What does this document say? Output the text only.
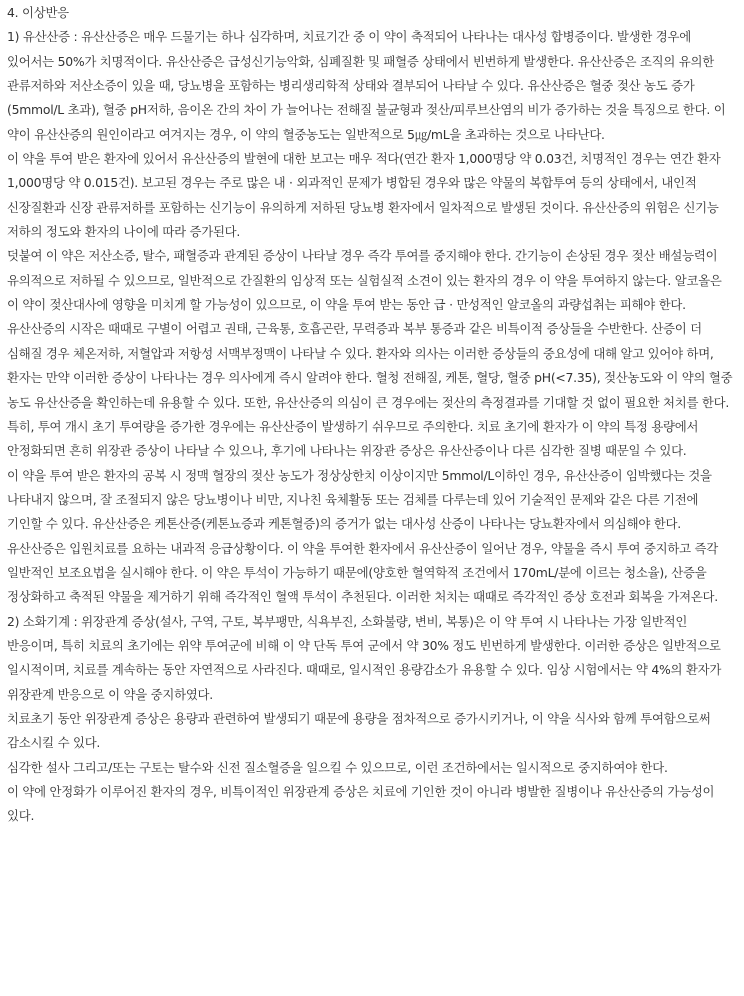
4. 이상반응

1) 유산산증 : 유산산증은 매우 드물기는 하나 심각하며, 치료기간 중 이 약이 축적되어 나타나는 대사성 합병증이다. 발생한 경우에 있어서는 50%가 치명적이다. 유산산증은 급성신기능악화, 심폐질환 및 패혈증 상태에서 빈번하게 발생한다. 유산산증은 조직의 유의한 관류저하와 저산소증이 있을 때, 당뇨병을 포함하는 병리생리학적 상태와 결부되어 나타날 수 있다. 유산산증은 혈중 젖산 농도 증가(5mmol/L 초과), 혈중 pH저하, 음이온 간의 차이 가 늘어나는 전해질 불균형과 젖산/피루브산염의 비가 증가하는 것을 특징으로 한다. 이 약이 유산산증의 원인이라고 여겨지는 경우, 이 약의 혈중농도는 일반적으로 5㎍/mL을 초과하는 것으로 나타난다.

이 약을 투여 받은 환자에 있어서 유산산증의 발현에 대한 보고는 매우 적다(연간 환자 1,000명당 약 0.03건, 치명적인 경우는 연간 환자 1,000명당 약 0.015건). 보고된 경우는 주로 많은 내 · 외과적인 문제가 병합된 경우와 많은 약물의 복합투여 등의 상태에서, 내인적 신장질환과 신장 관류저하를 포함하는 신기능이 유의하게 저하된 당뇨병 환자에서 일차적으로 발생된 것이다. 유산산증의 위험은 신기능 저하의 정도와 환자의 나이에 따라 증가된다.

덧붙여 이 약은 저산소증, 탈수, 패혈증과 관계된 증상이 나타날 경우 즉각 투여를 중지해야 한다. 간기능이 손상된 경우 젖산 배설능력이 유의적으로 저하될 수 있으므로, 일반적으로 간질환의 임상적 또는 실험실적 소견이 있는 환자의 경우 이 약을 투여하지 않는다. 알코올은 이 약이 젖산대사에 영향을 미치게 할 가능성이 있으므로, 이 약을 투여 받는 동안 급 · 만성적인 알코올의 과량섭취는 피해야 한다.

유산산증의 시작은 때때로 구별이 어렵고 권태, 근육통, 호흡곤란, 무력증과 복부 통증과 같은 비특이적 증상들을 수반한다. 산증이 더 심해질 경우 체온저하, 저혈압과 저항성 서맥부정맥이 나타날 수 있다. 환자와 의사는 이러한 증상들의 중요성에 대해 알고 있어야 하며, 환자는 만약 이러한 증상이 나타나는 경우 의사에게 즉시 알려야 한다. 혈청 전해질, 케톤, 혈당, 혈중 pH(<7.35), 젖산농도와 이 약의 혈중 농도 유산산증을 확인하는데 유용할 수 있다. 또한, 유산산증의 의심이 큰 경우에는 젖산의 측정결과를 기대할 것 없이 필요한 처치를 한다. 특히, 투여 개시 초기 투여량을 증가한 경우에는 유산산증이 발생하기 쉬우므로 주의한다. 치료 초기에 환자가 이 약의 특정 용량에서 안정화되면 흔히 위장관 증상이 나타날 수 있으나, 후기에 나타나는 위장관 증상은 유산산증이나 다른 심각한 질병 때문일 수 있다.

이 약을 투여 받은 환자의 공복 시 정맥 혈장의 젖산 농도가 정상상한치 이상이지만 5mmol/L이하인 경우, 유산산증이 임박했다는 것을 나타내지 않으며, 잘 조절되지 않은 당뇨병이나 비만, 지나친 육체활동 또는 검체를 다루는데 있어 기술적인 문제와 같은 다른 기전에 기인할 수 있다. 유산산증은 케톤산증(케톤뇨증과 케톤혈증)의 증거가 없는 대사성 산증이 나타나는 당뇨환자에서 의심해야 한다.

유산산증은 입원치료를 요하는 내과적 응급상황이다. 이 약을 투여한 환자에서 유산산증이 일어난 경우, 약물을 즉시 투여 중지하고 즉각 일반적인 보조요법을 실시해야 한다. 이 약은 투석이 가능하기 때문에(양호한 혈역학적 조건에서 170mL/분에 이르는 청소율), 산증을 정상화하고 축적된 약물을 제거하기 위해 즉각적인 혈액 투석이 추천된다. 이러한 처치는 때때로 즉각적인 증상 호전과 회복을 가져온다.

2) 소화기계 : 위장관계 증상(설사, 구역, 구토, 복부팽만, 식욕부진, 소화불량, 변비, 복통)은 이 약 투여 시 나타나는 가장 일반적인 반응이며, 특히 치료의 초기에는 위약 투여군에 비해 이 약 단독 투여 군에서 약 30% 정도 빈번하게 발생한다. 이러한 증상은 일반적으로 일시적이며, 치료를 계속하는 동안 자연적으로 사라진다. 때때로, 일시적인 용량감소가 유용할 수 있다. 임상 시험에서는 약 4%의 환자가 위장관계 반응으로 이 약을 중지하였다.

치료초기 동안 위장관계 증상은 용량과 관련하여 발생되기 때문에 용량을 점차적으로 증가시키거나, 이 약을 식사와 함께 투여함으로써 감소시킬 수 있다.

심각한 설사 그리고/또는 구토는 탈수와 신전 질소혈증을 일으킬 수 있으므로, 이런 조건하에서는 일시적으로 중지하여야 한다.

이 약에 안정화가 이루어진 환자의 경우, 비특이적인 위장관계 증상은 치료에 기인한 것이 아니라 병발한 질병이나 유산산증의 가능성이 있다.
